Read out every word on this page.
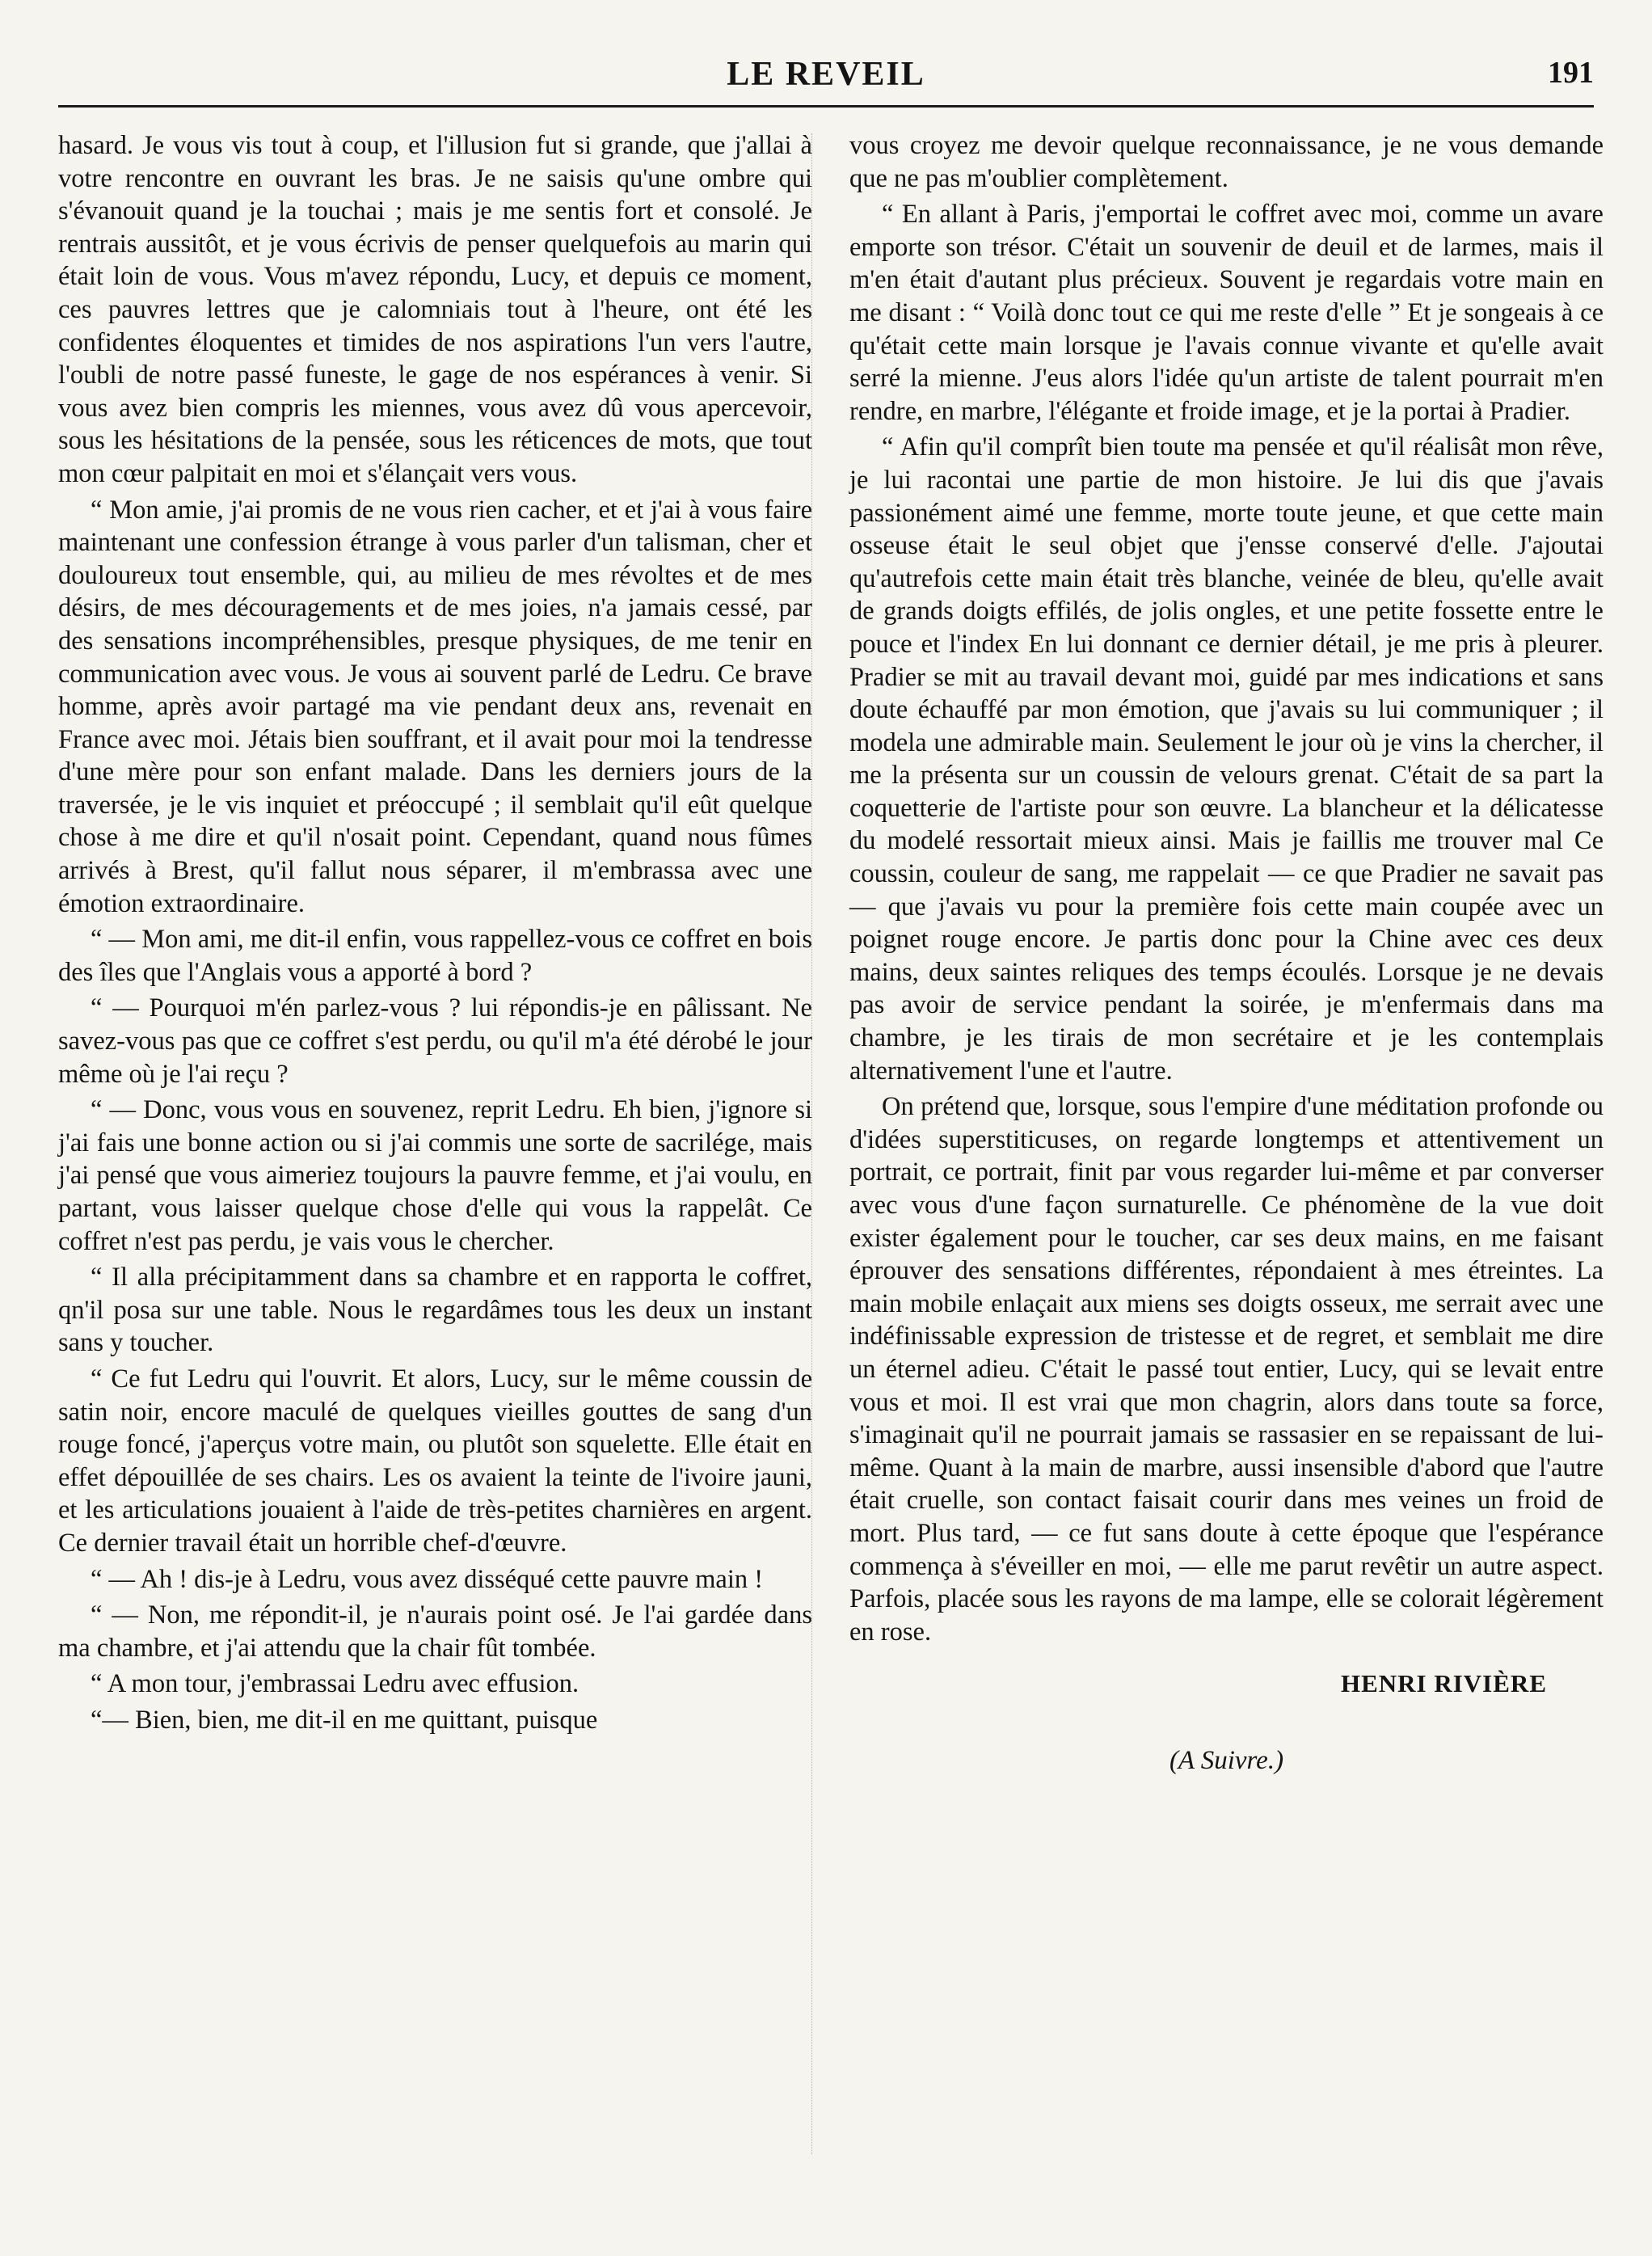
LE REVEIL	191

hasard. Je vous vis tout à coup, et l'illusion fut si grande, que j'allai à votre rencontre en ouvrant les bras. Je ne saisis qu'une ombre qui s'évanouit quand je la touchai ; mais je me sentis fort et consolé. Je rentrais aussitôt, et je vous écrivis de penser quelquefois au marin qui était loin de vous. Vous m'avez répondu, Lucy, et depuis ce moment, ces pauvres lettres que je calomniais tout à l'heure, ont été les confidentes éloquentes et timides de nos aspirations l'un vers l'autre, l'oubli de notre passé funeste, le gage de nos espérances à venir. Si vous avez bien compris les miennes, vous avez dû vous apercevoir, sous les hésitations de la pensée, sous les réticences de mots, que tout mon cœur palpitait en moi et s'élançait vers vous.

“ Mon amie, j'ai promis de ne vous rien cacher, et et j'ai à vous faire maintenant une confession étrange à vous parler d'un talisman, cher et douloureux tout ensemble, qui, au milieu de mes révoltes et de mes désirs, de mes découragements et de mes joies, n'a jamais cessé, par des sensations incompréhensibles, presque physiques, de me tenir en communication avec vous. Je vous ai souvent parlé de Ledru. Ce brave homme, après avoir partagé ma vie pendant deux ans, revenait en France avec moi. Jétais bien souffrant, et il avait pour moi la tendresse d'une mère pour son enfant malade. Dans les derniers jours de la traversée, je le vis inquiet et préoccupé ; il semblait qu'il eût quelque chose à me dire et qu'il n'osait point. Cependant, quand nous fûmes arrivés à Brest, qu'il fallut nous séparer, il m'embrassa avec une émotion extraordinaire.

“ — Mon ami, me dit-il enfin, vous rappellez-vous ce coffret en bois des îles que l'Anglais vous a apporté à bord ?

“ — Pourquoi m'én parlez-vous ? lui répondis-je en pâlissant. Ne savez-vous pas que ce coffret s'est perdu, ou qu'il m'a été dérobé le jour même où je l'ai reçu ?

“ — Donc, vous vous en souvenez, reprit Ledru. Eh bien, j'ignore si j'ai fais une bonne action ou si j'ai commis une sorte de sacrilége, mais j'ai pensé que vous aimeriez toujours la pauvre femme, et j'ai voulu, en partant, vous laisser quelque chose d'elle qui vous la rappelât. Ce coffret n'est pas perdu, je vais vous le chercher.

“ Il alla précipitamment dans sa chambre et en rapporta le coffret, qn'il posa sur une table. Nous le regardâmes tous les deux un instant sans y toucher.

“ Ce fut Ledru qui l'ouvrit. Et alors, Lucy, sur le même coussin de satin noir, encore maculé de quelques vieilles gouttes de sang d'un rouge foncé, j'aperçus votre main, ou plutôt son squelette. Elle était en effet dépouillée de ses chairs. Les os avaient la teinte de l'ivoire jauni, et les articulations jouaient à l'aide de très-petites charnières en argent. Ce dernier travail était un horrible chef-d'œuvre.

“ — Ah ! dis-je à Ledru, vous avez disséqué cette pauvre main !

“ — Non, me répondit-il, je n'aurais point osé. Je l'ai gardée dans ma chambre, et j'ai attendu que la chair fût tombée.

“ A mon tour, j'embrassai Ledru avec effusion.

“— Bien, bien, me dit-il en me quittant, puisque

vous croyez me devoir quelque reconnaissance, je ne vous demande que ne pas m'oublier complètement.

“ En allant à Paris, j'emportai le coffret avec moi, comme un avare emporte son trésor. C'était un souvenir de deuil et de larmes, mais il m'en était d'autant plus précieux. Souvent je regardais votre main en me disant : “ Voilà donc tout ce qui me reste d'elle ” Et je songeais à ce qu'était cette main lorsque je l'avais connue vivante et qu'elle avait serré la mienne. J'eus alors l'idée qu'un artiste de talent pourrait m'en rendre, en marbre, l'élégante et froide image, et je la portai à Pradier.

“ Afin qu'il comprît bien toute ma pensée et qu'il réalisât mon rêve, je lui racontai une partie de mon histoire. Je lui dis que j'avais passionément aimé une femme, morte toute jeune, et que cette main osseuse était le seul objet que j'ensse conservé d'elle. J'ajoutai qu'autrefois cette main était très blanche, veinée de bleu, qu'elle avait de grands doigts effilés, de jolis ongles, et une petite fossette entre le pouce et l'index En lui donnant ce dernier détail, je me pris à pleurer. Pradier se mit au travail devant moi, guidé par mes indications et sans doute échauffé par mon émotion, que j'avais su lui communiquer ; il modela une admirable main. Seulement le jour où je vins la chercher, il me la présenta sur un coussin de velours grenat. C'était de sa part la coquetterie de l'artiste pour son œuvre. La blancheur et la délicatesse du modelé ressortait mieux ainsi. Mais je faillis me trouver mal Ce coussin, couleur de sang, me rappelait — ce que Pradier ne savait pas — que j'avais vu pour la première fois cette main coupée avec un poignet rouge encore. Je partis donc pour la Chine avec ces deux mains, deux saintes reliques des temps écoulés. Lorsque je ne devais pas avoir de service pendant la soirée, je m'enfermais dans ma chambre, je les tirais de mon secrétaire et je les contemplais alternativement l'une et l'autre.

On prétend que, lorsque, sous l'empire d'une méditation profonde ou d'idées superstiticuses, on regarde longtemps et attentivement un portrait, ce portrait, finit par vous regarder lui-même et par converser avec vous d'une façon surnaturelle. Ce phénomène de la vue doit exister également pour le toucher, car ses deux mains, en me faisant éprouver des sensations différentes, répondaient à mes étreintes. La main mobile enlaçait aux miens ses doigts osseux, me serrait avec une indéfinissable expression de tristesse et de regret, et semblait me dire un éternel adieu. C'était le passé tout entier, Lucy, qui se levait entre vous et moi. Il est vrai que mon chagrin, alors dans toute sa force, s'imaginait qu'il ne pourrait jamais se rassasier en se repaissant de lui-même. Quant à la main de marbre, aussi insensible d'abord que l'autre était cruelle, son contact faisait courir dans mes veines un froid de mort. Plus tard, — ce fut sans doute à cette époque que l'espérance commença à s'éveiller en moi, — elle me parut revêtir un autre aspect. Parfois, placée sous les rayons de ma lampe, elle se colorait légèrement en rose.

HENRI RIVIÈRE
(A Suivre.)
